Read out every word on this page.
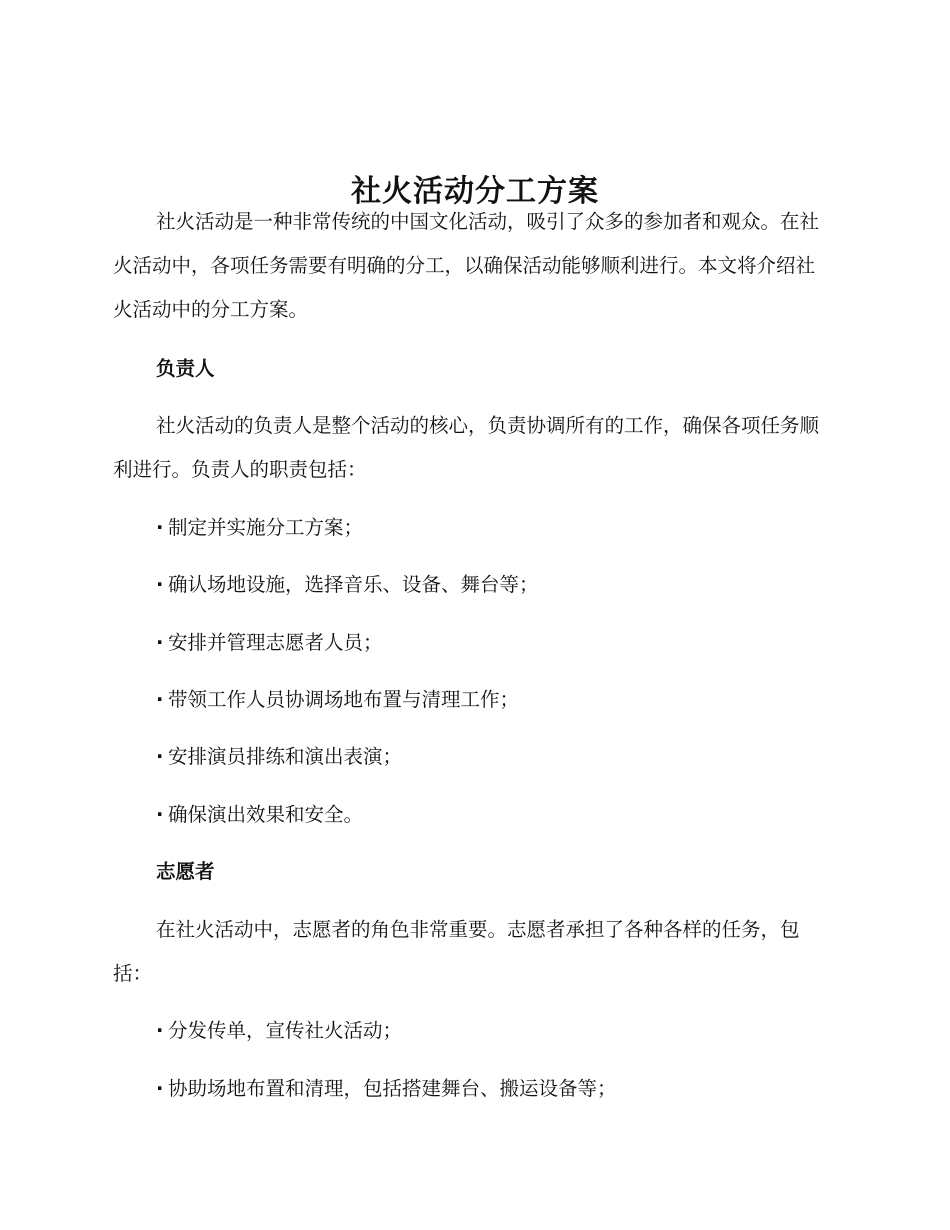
社火活动分工方案

社火活动是一种非常传统的中国文化活动，吸引了众多的参加者和观众。在社火活动中，各项任务需要有明确的分工，以确保活动能够顺利进行。本文将介绍社火活动中的分工方案。

负责人

社火活动的负责人是整个活动的核心，负责协调所有的工作，确保各项任务顺利进行。负责人的职责包括：

· 制定并实施分工方案；

· 确认场地设施，选择音乐、设备、舞台等；

· 安排并管理志愿者人员；

· 带领工作人员协调场地布置与清理工作；

· 安排演员排练和演出表演；

· 确保演出效果和安全。

志愿者

在社火活动中，志愿者的角色非常重要。志愿者承担了各种各样的任务，包括：

· 分发传单，宣传社火活动；

· 协助场地布置和清理，包括搭建舞台、搬运设备等；
